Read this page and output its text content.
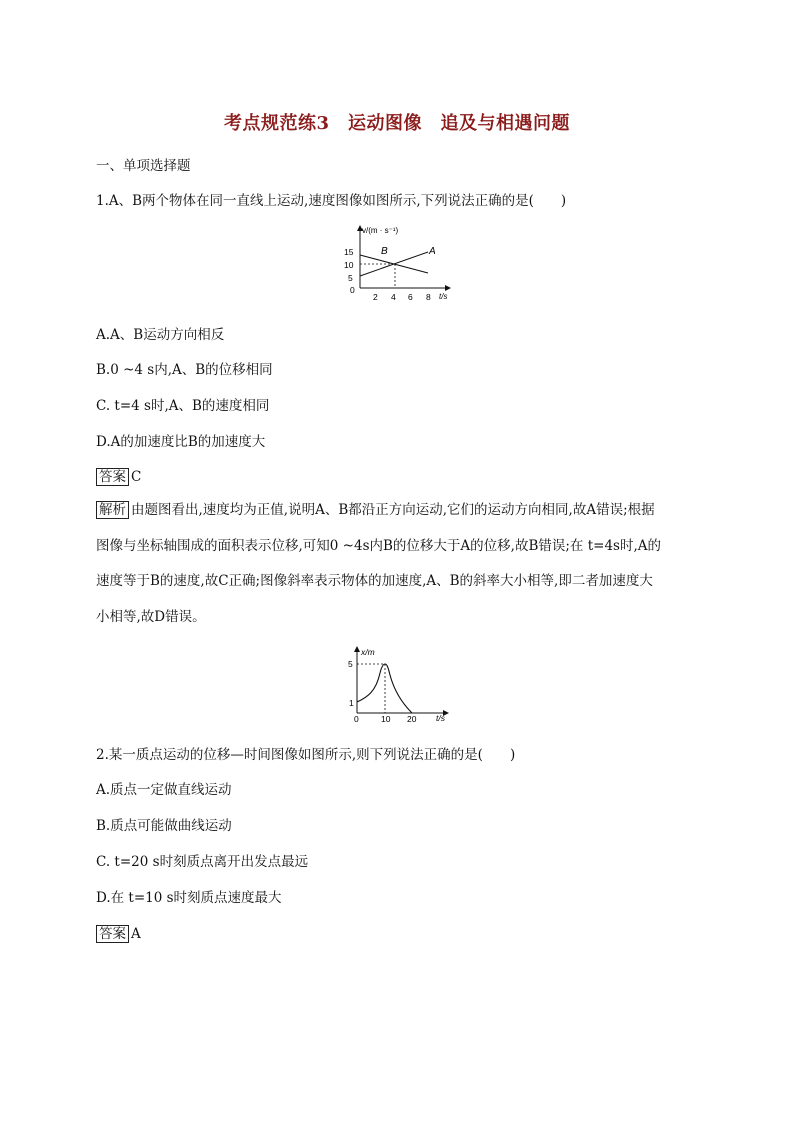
考点规范练3　运动图像　追及与相遇问题
一、单项选择题
1.A、B两个物体在同一直线上运动,速度图像如图所示,下列说法正确的是(　　)
v/(m · s⁻¹)
t/s
15
10
5
0
2 4 6 8
B	A
A.A、B运动方向相反
B.0 ~4 s内,A、B的位移相同
C. t=4 s时,A、B的速度相同
D.A的加速度比B的加速度大
答案 C
解析 由题图看出,速度均为正值,说明A、B都沿正方向运动,它们的运动方向相同,故A错误;根据
图像与坐标轴围成的面积表示位移,可知0 ~4s内B的位移大于A的位移,故B错误;在 t=4s时,A的
速度等于B的速度,故C正确;图像斜率表示物体的加速度,A、B的斜率大小相等,即二者加速度大
小相等,故D错误。
x/m
t/s
5
1
0	10 20
2.某一质点运动的位移—时间图像如图所示,则下列说法正确的是(　　)
A.质点一定做直线运动
B.质点可能做曲线运动
C. t=20 s时刻质点离开出发点最远
D.在 t=10 s时刻质点速度最大
答案 A
